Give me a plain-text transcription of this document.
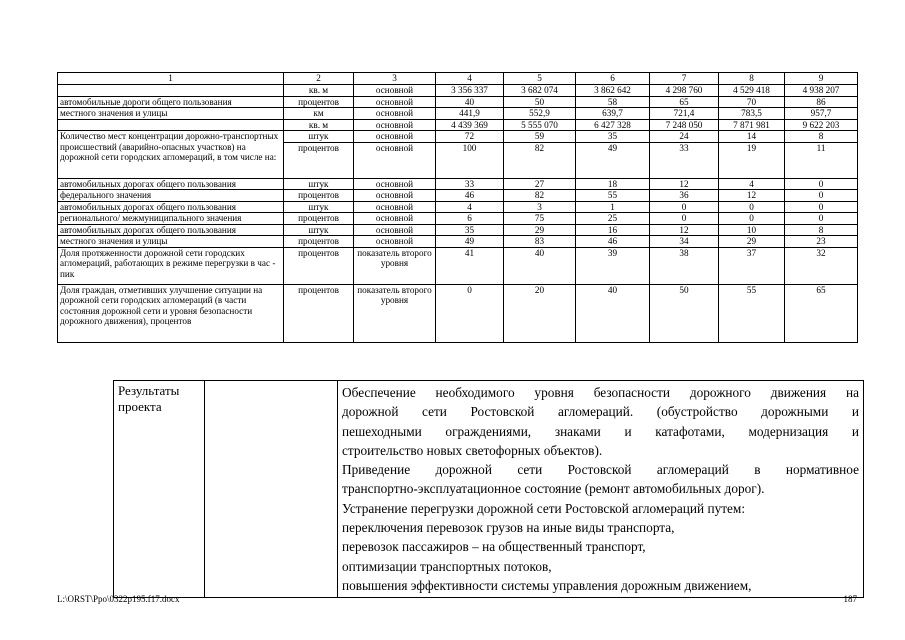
1	2	3	4	5	6	7	8	9
	кв. м	основной	3 356 337	3 682 074	3 862 642	4 298 760	4 529 418	4 938 207
автомобильные дороги общего пользования	процентов	основной	40	50	58	65	70	86
местного значения и улицы	км	основной	441,9	552,9	639,7	721,4	783,5	957,7
	кв. м	основной	4 439 369	5 555 070	6 427 328	7 248 050	7 871 981	9 622 203
Количество мест концентрации дорожно-транспортных происшествий (аварийно-опасных участков) на дорожной сети городских агломераций, в том числе на:	штук	основной	72	59	35	24	14	8
	процентов	основной	100	82	49	33	19	11
автомобильных дорогах общего пользования	штук	основной	33	27	18	12	4	0
федерального значения	процентов	основной	46	82	55	36	12	0
автомобильных дорогах общего пользования	штук	основной	4	3	1	0	0	0
регионального/ межмуниципального значения	процентов	основной	6	75	25	0	0	0
автомобильных дорогах общего пользования	штук	основной	35	29	16	12	10	8
местного значения и улицы	процентов	основной	49	83	46	34	29	23
Доля протяженности дорожной сети городских агломераций, работающих в режиме перегрузки в час - пик	процентов	показатель второго уровня	41	40	39	38	37	32
Доля граждан, отметивших улучшение ситуации на дорожной сети городских агломераций (в части состояния дорожной сети и уровня безопасности дорожного движения), процентов	процентов	показатель второго уровня	0	20	40	50	55	65
Результаты проекта		

Обеспечение необходимого уровня безопасности дорожного движения на

дорожной сети Ростовской агломераций. (обустройство дорожными и

пешеходными ограждениями, знаками и катафотами, модернизация и

строительство новых светофорных объектов).

Приведение дорожной сети Ростовской агломераций в нормативное

транспортно-эксплуатационное состояние (ремонт автомобильных дорог).

Устранение перегрузки дорожной сети Ростовской агломераций путем:

переключения перевозок грузов на иные виды транспорта,

перевозок пассажиров – на общественный транспорт,

оптимизации транспортных потоков,

повышения эффективности системы управления дорожным движением,

L:\ORST\Ppo\0322p195.f17.docx	187
